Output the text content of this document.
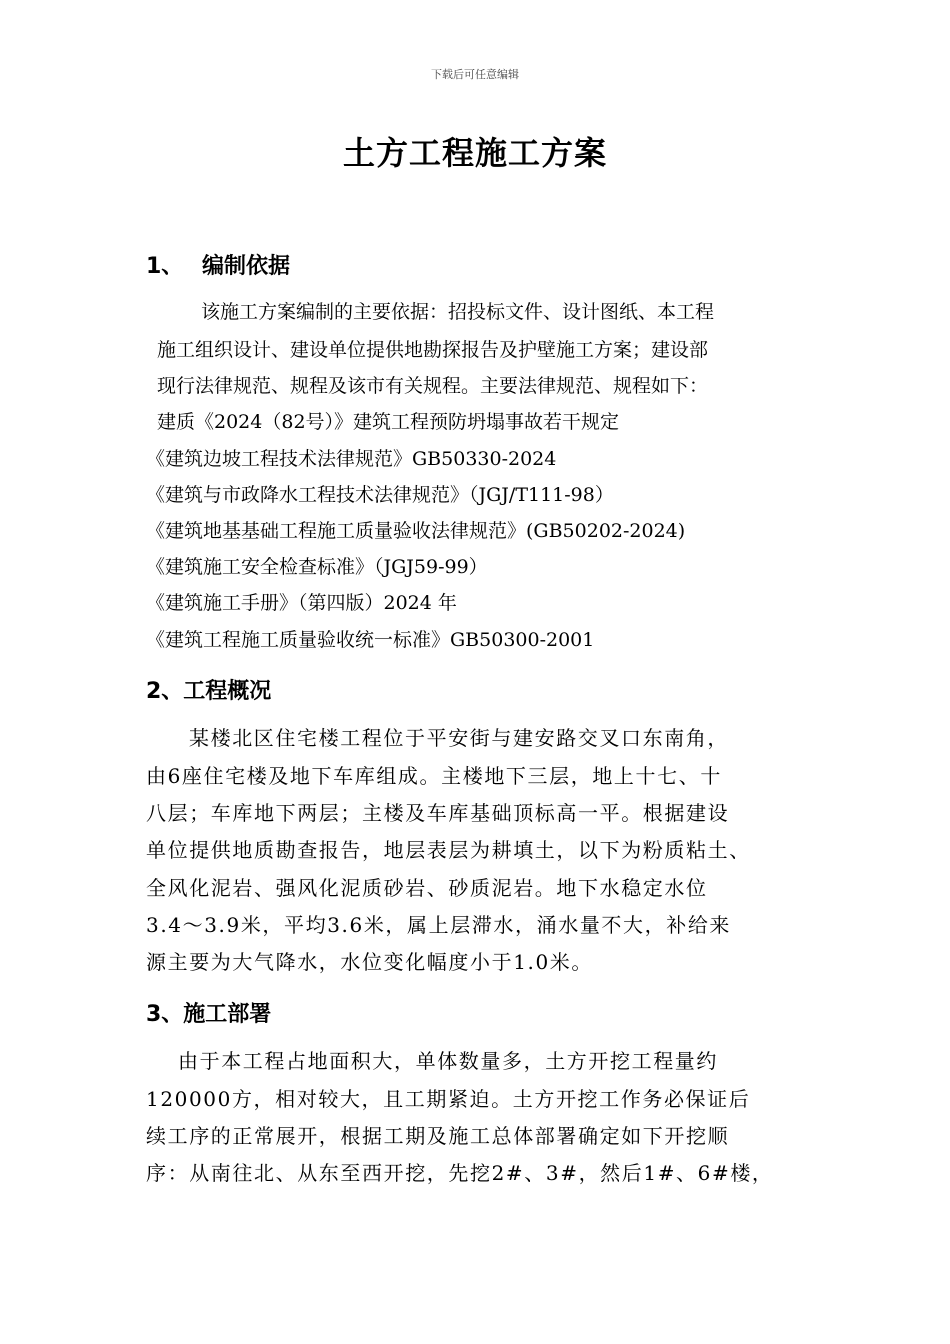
下载后可任意编辑
土方工程施工方案
1、 编制依据
该施工方案编制的主要依据：招投标文件、设计图纸、本工程
施工组织设计、建设单位提供地勘探报告及护壁施工方案；建设部
现行法律规范、规程及该市有关规程。主要法律规范、规程如下：
建质《2024（82号）》建筑工程预防坍塌事故若干规定
《建筑边坡工程技术法律规范》GB50330-2024
《建筑与市政降水工程技术法律规范》（JGJ/T111-98）
《建筑地基基础工程施工质量验收法律规范》(GB50202-2024)
《建筑施工安全检查标准》（JGJ59-99）
《建筑施工手册》（第四版）2024 年
《建筑工程施工质量验收统一标准》GB50300-2001
2、工程概况
某楼北区住宅楼工程位于平安街与建安路交叉口东南角，
由6座住宅楼及地下车库组成。主楼地下三层，地上十七、十
八层；车库地下两层；主楼及车库基础顶标高一平。根据建设
单位提供地质勘查报告，地层表层为耕填土，以下为粉质粘土、
全风化泥岩、强风化泥质砂岩、砂质泥岩。地下水稳定水位
3.4～3.9米，平均3.6米，属上层滞水，涌水量不大，补给来
源主要为大气降水，水位变化幅度小于1.0米。
3、施工部署
由于本工程占地面积大，单体数量多，土方开挖工程量约
120000方，相对较大，且工期紧迫。土方开挖工作务必保证后
续工序的正常展开，根据工期及施工总体部署确定如下开挖顺
序：从南往北、从东至西开挖，先挖2#、3#，然后1#、6#楼，
